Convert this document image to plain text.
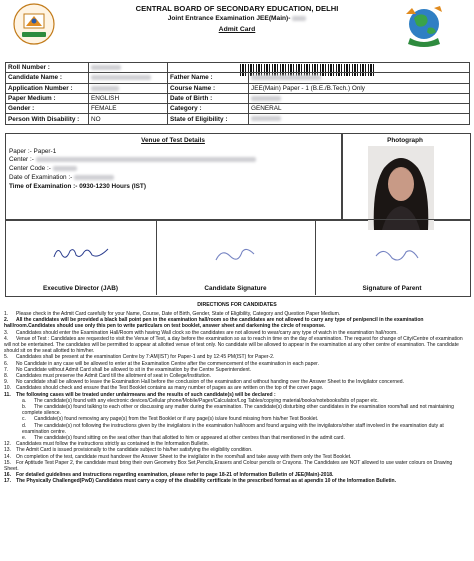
CENTRAL BOARD OF SECONDARY EDUCATION, DELHI
Joint Entrance Examination JEE(Main)-
Admit Card
Roll Number :			
Candidate Name :		Father Name :	
Application Number :		Course Name :	JEE(Main) Paper - 1 (B.E./B.Tech.) Only
Paper Medium :	ENGLISH	Date of Birth :	
Gender :	FEMALE	Category :	GENERAL
Person With Disability :	NO	State of Eligibility :	
Venue of Test Details
Paper :- Paper-1
Center :-
Center Code :-
Date of Examination :-
Time of Examination :- 0930-1230 Hours (IST)
Photograph
Executive Director (JAB)	Candidate Signature	Signature of Parent
DIRECTIONS FOR CANDIDATES
1. Please check in the Admit Card carefully for your Name, Course, Date of Birth, Gender, State of Eligibility, Category and Question Paper Medium.
2. All the candidates will be provided a black ball point pen in the examination hall/room so the candidates are not allowed to carry any type of pen/pencil in the examination hall/room.Candidates should use only this pen to write particulars on test booklet, answer sheet and darkening the circle of response.
3. Candidates should enter the Examination Hall/Room with having Wall clock so the candidates are not allowed to wear/carry any type of watch in the examination hall/room.
4. Venue of Test : Candidates are requested to visit the Venue of Test, a day before the examination so as to reach in time on the day of examination. The request for change of City/Centre of examination will not be entertained. The candidates will be permitted to appear at allotted venue of test only. No candidate will be allowed to appear in the examination at any other centre of examination. The candidate should sit on the seat allotted to him/her.
5. Candidates shall be present at the examination Centre by 7:AM(IST) for Paper-1 and by 12:45 PM(IST) for Paper-2.
6. No Candidate in any case will be allowed to enter at the Examination Centre after the commencement of the examination in each paper.
7. No Candidate without Admit Card shall be allowed to sit in the examination by the Centre Superintendent.
8. Candidates must preserve the Admit Card till the allotment of seat in College/Institution.
9. No candidate shall be allowed to leave the Examination Hall before the conclusion of the examination and without handing over the Answer Sheet to the Invigilator concerned.
10. Candidates should check and ensure that the Test Booklet contains as many number of pages as are written on the top of the cover page.
11. The following cases will be treated under unfairmeans and the results of such candidate(s) will be declared :
a. The candidate(s) found with any electronic devices/Cellular phone/Mobile/Pager/Calculator/Log Tables/copying material/books/notebooks/bits of paper etc.
b. The candidate(s) found talking to each other or discussing any matter during the examination. The candidate(s) disturbing other candidates in the examination room/hall and not maintaining complete silence.
c. Candidate(s) found removing any page(s) from the Test Booklet or if any page(s) is/are found missing from his/her Test Booklet.
d. The candidate(s) not following the instructions given by the invigilators in the examination hall/room and found arguing with the invigilators/other staff involved in the examination duty at examination centre.
e. The candidate(s) found sitting on the seat other than that allotted to him or appeared at other centres than that mentioned in the admit card.
12. Candidates must follow the instructions strictly as contained in the Information Bulletin.
13. The Admit Card is issued provisionally to the candidate subject to his/her satisfying the eligibility condition.
14. On completion of the test, candidate must handover the Answer Sheet to the invigilator in the room/hall and take away with them only the Test Booklet.
15. For Aptitude Test Paper 2, the candidate must bring their own Geometry Box Set,Pencils,Erasers and Colour pencils or Crayons. The Candidates are NOT allowed to use water colours on Drawing Sheet.
16. For detailed guidelines and instructions regarding examination, please refer to page 18-21 of Information Bulletin of JEE(Main)-2018.
17. The Physically Challenged(PwD) Candidates must carry a copy of the disability certificate in the prescribed format as at apendix 10 of the Information Bulletin.
